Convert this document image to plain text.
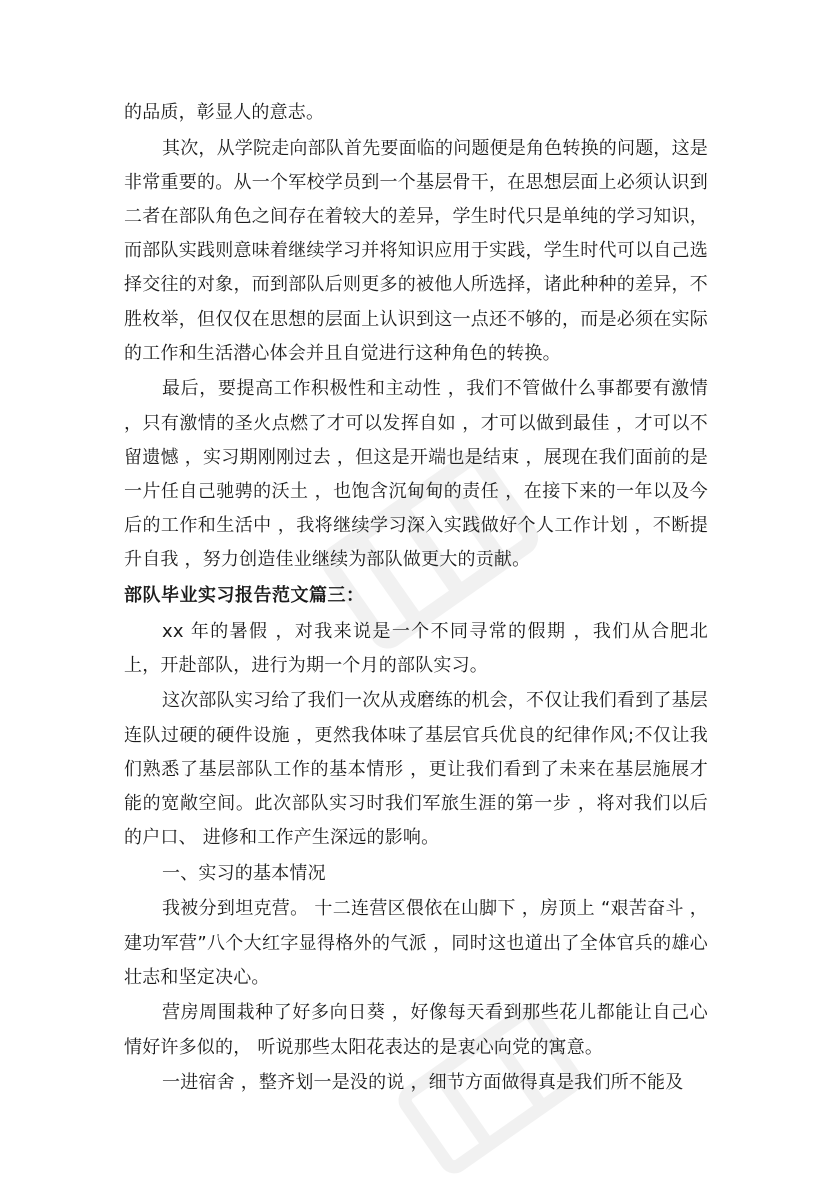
的品质，彰显人的意志。

其次，从学院走向部队首先要面临的问题便是角色转换的问题，这是非常重要的。从一个军校学员到一个基层骨干，在思想层面上必须认识到二者在部队角色之间存在着较大的差异，学生时代只是单纯的学习知识，而部队实践则意味着继续学习并将知识应用于实践，学生时代可以自己选择交往的对象，而到部队后则更多的被他人所选择，诸此种种的差异，不胜枚举，但仅仅在思想的层面上认识到这一点还不够的，而是必须在实际的工作和生活潜心体会并且自觉进行这种角色的转换。

最后，要提高工作积极性和主动性 ，我们不管做什么事都要有激情 ，只有激情的圣火点燃了才可以发挥自如 ，才可以做到最佳 ，才可以不留遗憾 ，实习期刚刚过去 ，但这是开端也是结束 ，展现在我们面前的是一片任自己驰骋的沃土 ，也饱含沉甸甸的责任 ，在接下来的一年以及今后的工作和生活中 ，我将继续学习深入实践做好个人工作计划 ，不断提升自我 ，努力创造佳业继续为部队做更大的贡献。

部队毕业实习报告范文篇三：

xx 年的暑假 ，对我来说是一个不同寻常的假期 ，我们从合肥北上，开赴部队，进行为期一个月的部队实习。

这次部队实习给了我们一次从戎磨练的机会，不仅让我们看到了基层连队过硬的硬件设施 ，更然我体味了基层官兵优良的纪律作风;不仅让我们熟悉了基层部队工作的基本情形 ，更让我们看到了未来在基层施展才能的宽敞空间。此次部队实习时我们军旅生涯的第一步 ，将对我们以后的户口、 进修和工作产生深远的影响。

一、实习的基本情况

我被分到坦克营。 十二连营区偎依在山脚下 ，房顶上 “艰苦奋斗 ，建功军营”八个大红字显得格外的气派 ，同时这也道出了全体官兵的雄心壮志和坚定决心。

营房周围栽种了好多向日葵 ，好像每天看到那些花儿都能让自己心情好许多似的， 听说那些太阳花表达的是衷心向党的寓意。

一进宿舍 ，整齐划一是没的说 ，细节方面做得真是我们所不能及
